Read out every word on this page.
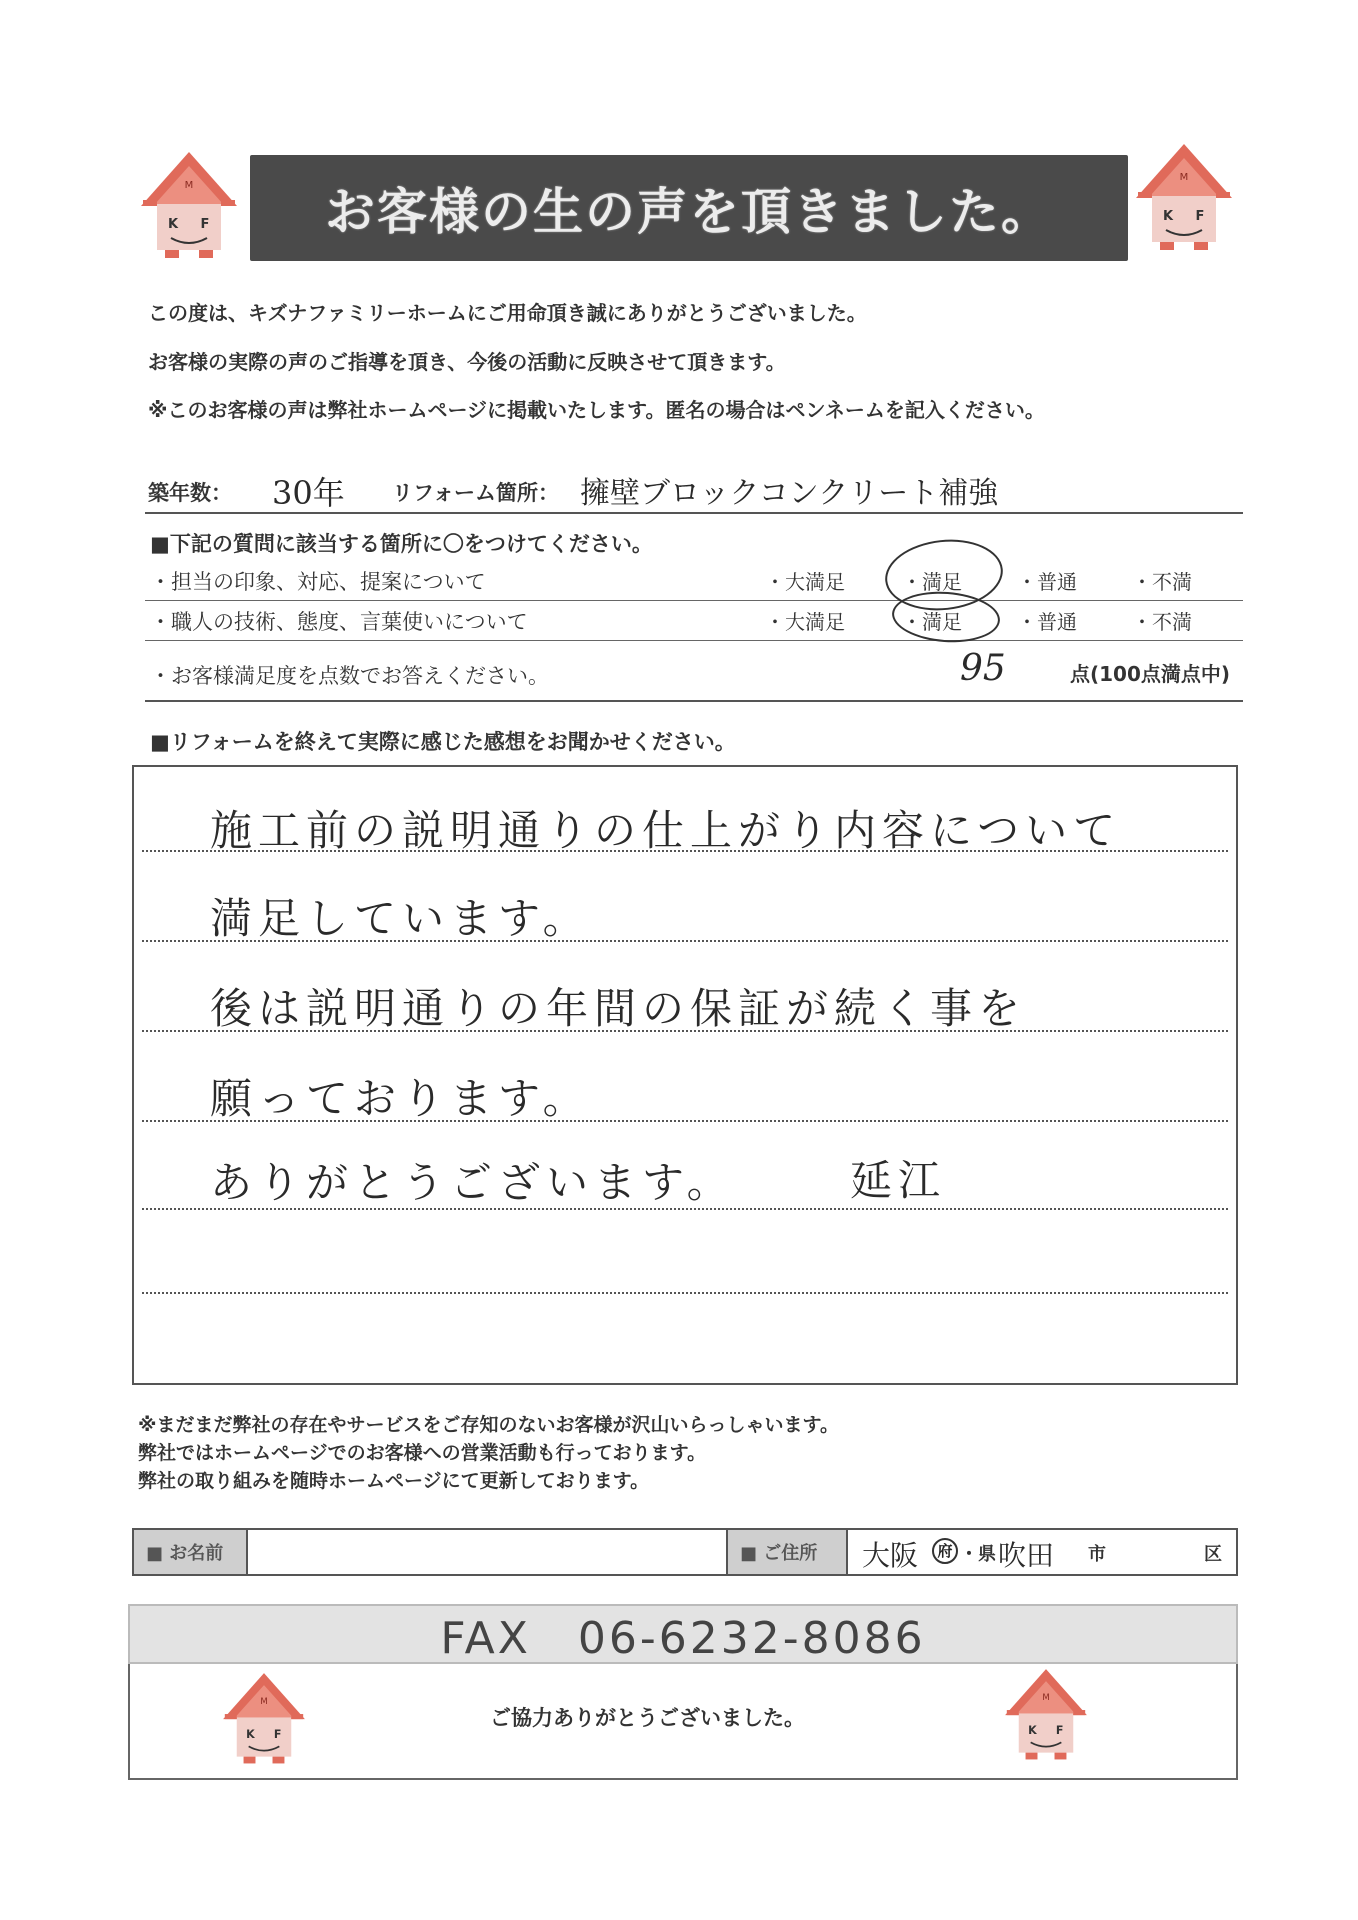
M
K F お客様の生の声を頂きました。
M
K F
この度は、キズナファミリーホームにご用命頂き誠にありがとうございました。
お客様の実際の声のご指導を頂き、今後の活動に反映させて頂きます。
※このお客様の声は弊社ホームページに掲載いたします。匿名の場合はペンネームを記入ください。
築年数： 30年 リフォーム箇所： 擁壁ブロックコンクリート補強
■下記の質問に該当する箇所に〇をつけてください。
・担当の印象、対応、提案について	・大満足	・満足	・普通	・不満
・職人の技術、態度、言葉使いについて	・大満足	・満足	・普通	・不満
・お客様満足度を点数でお答えください。	95	点(100点満点中)
■リフォームを終えて実際に感じた感想をお聞かせください。
施工前の説明通りの仕上がり内容について
満足しています。
後は説明通りの年間の保証が続く事を
願っております。
ありがとうございます。	延江
※まだまだ弊社の存在やサービスをご存知のないお客様が沢山いらっしゃいます。
弊社ではホームページでのお客様への営業活動も行っております。
弊社の取り組みを随時ホームページにて更新しております。
■ お名前	■ ご住所	大阪	府 ・県 吹田 市	区
FAX　06-6232-8086
M
K F
ご協力ありがとうございました。
M
K F
